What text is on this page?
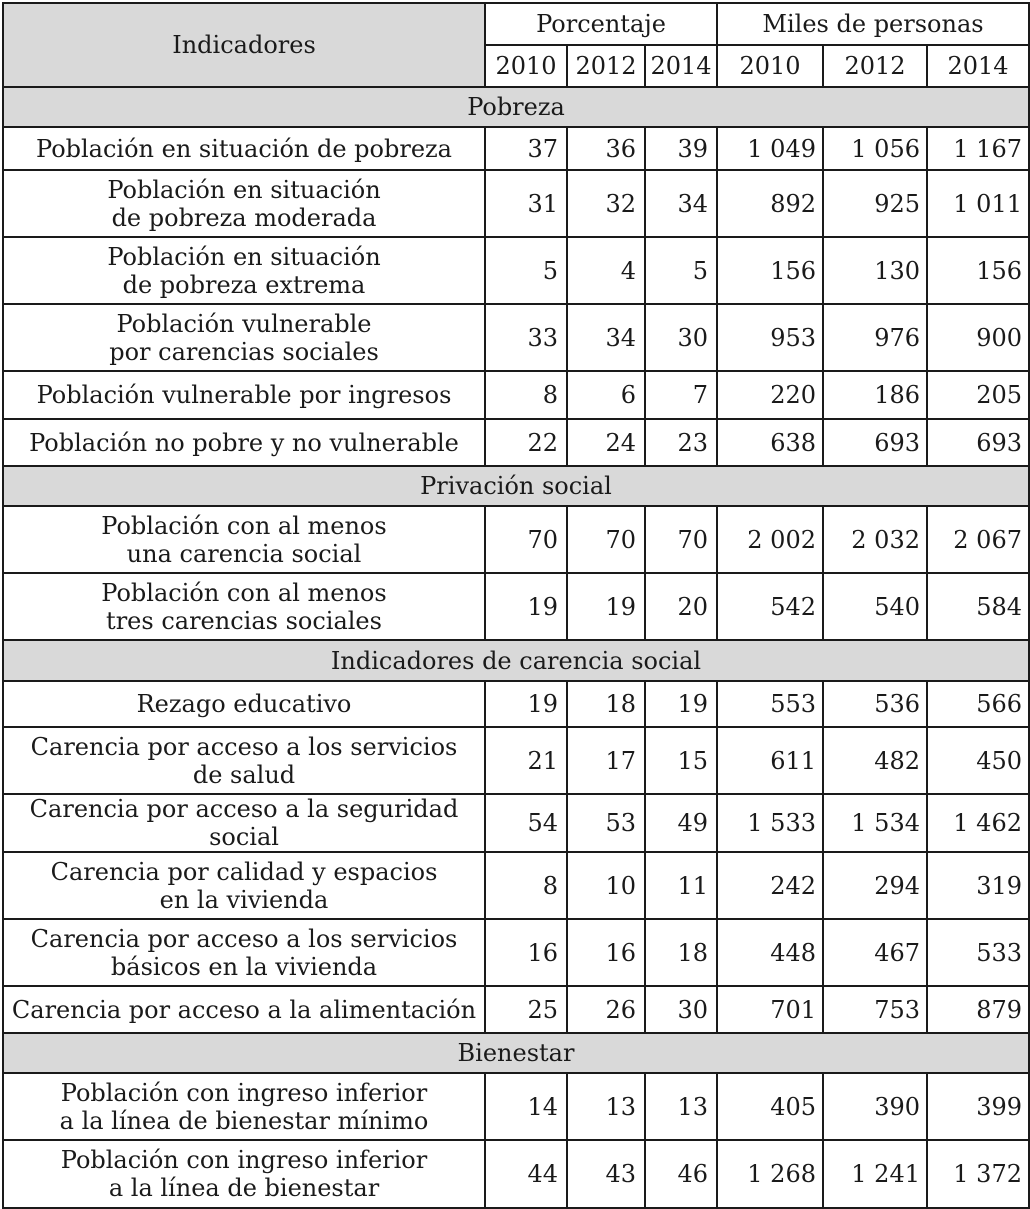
Indicadores	Porcentaje			Miles de personas		
	2010	2012	2014	2010	2012	2014
Pobreza						

Población en situación de pobreza	37	36	39	1 049	1 056	1 167

Población en situación
de pobreza moderada	31	32	34	892	925	1 011

Población en situación
de pobreza extrema	5	4	5	156	130	156

Población vulnerable
por carencias sociales	33	34	30	953	976	900

Población vulnerable por ingresos	8	6	7	220	186	205

Población no pobre y no vulnerable	22	24	23	638	693	693
Privación social						

Población con al menos
una carencia social	70	70	70	2 002	2 032	2 067

Población con al menos
tres carencias sociales	19	19	20	542	540	584
Indicadores de carencia social						

Rezago educativo	19	18	19	553	536	566

Carencia por acceso a los servicios
de salud	21	17	15	611	482	450

Carencia por acceso a la seguridad social	54	53	49	1 533	1 534	1 462

Carencia por calidad y espacios
en la vivienda	8	10	11	242	294	319

Carencia por acceso a los servicios
básicos en la vivienda	16	16	18	448	467	533

Carencia por acceso a la alimentación	25	26	30	701	753	879
Bienestar						

Población con ingreso inferior
a la línea de bienestar mínimo	14	13	13	405	390	399

Población con ingreso inferior
a la línea de bienestar	44	43	46	1 268	1 241	1 372
